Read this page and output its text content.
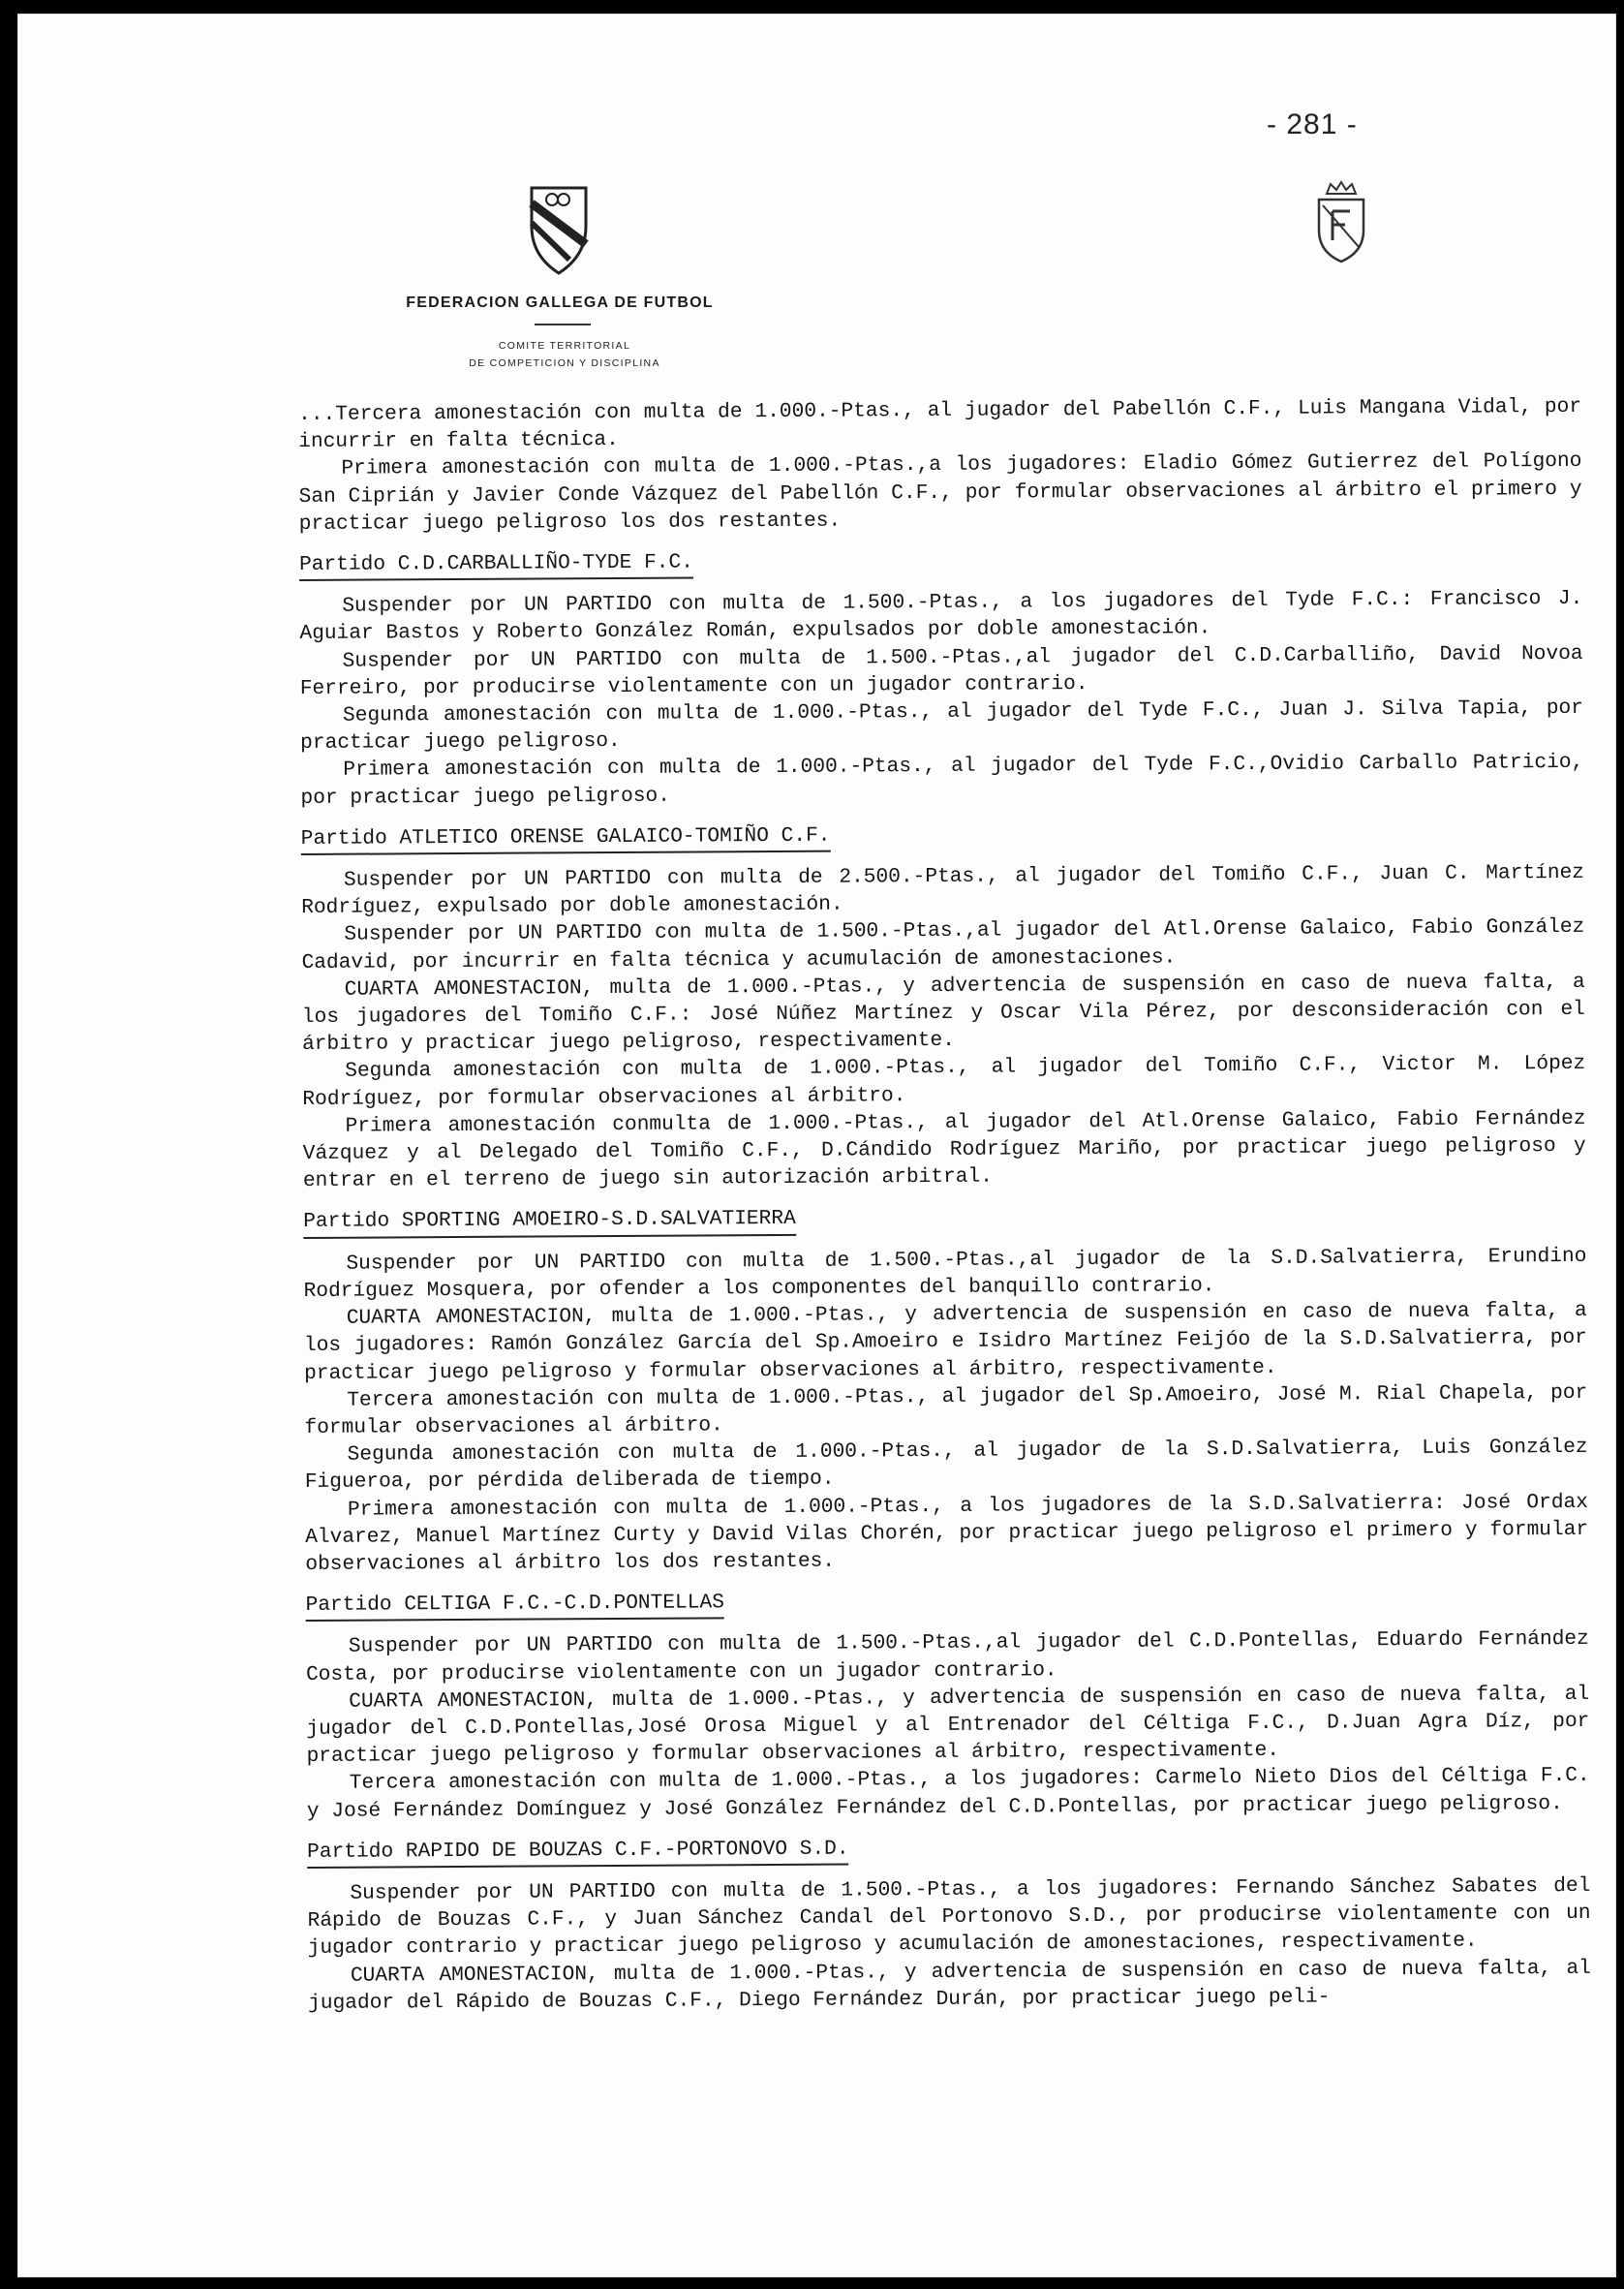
- 281 -
FEDERACION GALLEGA DE FUTBOL
COMITE TERRITORIAL
DE COMPETICION Y DISCIPLINA

...Tercera amonestación con multa de 1.000.-Ptas., al jugador del Pabellón C.F., Luis Mangana Vidal, por incurrir en falta técnica.

Primera amonestación con multa de 1.000.-Ptas.,a los jugadores: Eladio Gómez Gutierrez del Polígono San Ciprián y Javier Conde Vázquez del Pabellón C.F., por formular observaciones al árbitro el primero y practicar juego peligroso los dos restantes.

Partido C.D.CARBALLIÑO-TYDE F.C.

Suspender por UN PARTIDO con multa de 1.500.-Ptas., a los jugadores del Tyde F.C.: Francisco J. Aguiar Bastos y Roberto González Román, expulsados por doble amonestación.

Suspender por UN PARTIDO con multa de 1.500.-Ptas.,al jugador del C.D.Carballiño, David Novoa Ferreiro, por producirse violentamente con un jugador contrario.

Segunda amonestación con multa de 1.000.-Ptas., al jugador del Tyde F.C., Juan J. Silva Tapia, por practicar juego peligroso.

Primera amonestación con multa de 1.000.-Ptas., al jugador del Tyde F.C.,Ovidio Carballo Patricio, por practicar juego peligroso.

Partido ATLETICO ORENSE GALAICO-TOMIÑO C.F.

Suspender por UN PARTIDO con multa de 2.500.-Ptas., al jugador del Tomiño C.F., Juan C. Martínez Rodríguez, expulsado por doble amonestación.

Suspender por UN PARTIDO con multa de 1.500.-Ptas.,al jugador del Atl.Orense Galaico, Fabio González Cadavid, por incurrir en falta técnica y acumulación de amonestaciones.

CUARTA AMONESTACION, multa de 1.000.-Ptas., y advertencia de suspensión en caso de nueva falta, a los jugadores del Tomiño C.F.: José Núñez Martínez y Oscar Vila Pérez, por desconsideración con el árbitro y practicar juego peligroso, respectivamente.

Segunda amonestación con multa de 1.000.-Ptas., al jugador del Tomiño C.F., Victor M. López Rodríguez, por formular observaciones al árbitro.

Primera amonestación conmulta de 1.000.-Ptas., al jugador del Atl.Orense Galaico, Fabio Fernández Vázquez y al Delegado del Tomiño C.F., D.Cándido Rodríguez Mariño, por practicar juego peligroso y entrar en el terreno de juego sin autorización arbitral.

Partido SPORTING AMOEIRO-S.D.SALVATIERRA

Suspender por UN PARTIDO con multa de 1.500.-Ptas.,al jugador de la S.D.Salvatierra, Erundino Rodríguez Mosquera, por ofender a los componentes del banquillo contrario.

CUARTA AMONESTACION, multa de 1.000.-Ptas., y advertencia de suspensión en caso de nueva falta, a los jugadores: Ramón González García del Sp.Amoeiro e Isidro Martínez Feijóo de la S.D.Salvatierra, por practicar juego peligroso y formular observaciones al árbitro, respectivamente.

Tercera amonestación con multa de 1.000.-Ptas., al jugador del Sp.Amoeiro, José M. Rial Chapela, por formular observaciones al árbitro.

Segunda amonestación con multa de 1.000.-Ptas., al jugador de la S.D.Salvatierra, Luis González Figueroa, por pérdida deliberada de tiempo.

Primera amonestación con multa de 1.000.-Ptas., a los jugadores de la S.D.Salvatierra: José Ordax Alvarez, Manuel Martínez Curty y David Vilas Chorén, por practicar juego peligroso el primero y formular observaciones al árbitro los dos restantes.

Partido CELTIGA F.C.-C.D.PONTELLAS

Suspender por UN PARTIDO con multa de 1.500.-Ptas.,al jugador del C.D.Pontellas, Eduardo Fernández Costa, por producirse violentamente con un jugador contrario.

CUARTA AMONESTACION, multa de 1.000.-Ptas., y advertencia de suspensión en caso de nueva falta, al jugador del C.D.Pontellas,José Orosa Miguel y al Entrenador del Céltiga F.C., D.Juan Agra Díz, por practicar juego peligroso y formular observaciones al árbitro, respectivamente.

Tercera amonestación con multa de 1.000.-Ptas., a los jugadores: Carmelo Nieto Dios del Céltiga F.C. y José Fernández Domínguez y José González Fernández del C.D.Pontellas, por practicar juego peligroso.

Partido RAPIDO DE BOUZAS C.F.-PORTONOVO S.D.

Suspender por UN PARTIDO con multa de 1.500.-Ptas., a los jugadores: Fernando Sánchez Sabates del Rápido de Bouzas C.F., y Juan Sánchez Candal del Portonovo S.D., por producirse violentamente con un jugador contrario y practicar juego peligroso y acumulación de amonestaciones, respectivamente.

CUARTA AMONESTACION, multa de 1.000.-Ptas., y advertencia de suspensión en caso de nueva falta, al jugador del Rápido de Bouzas C.F., Diego Fernández Durán, por practicar juego peli-
